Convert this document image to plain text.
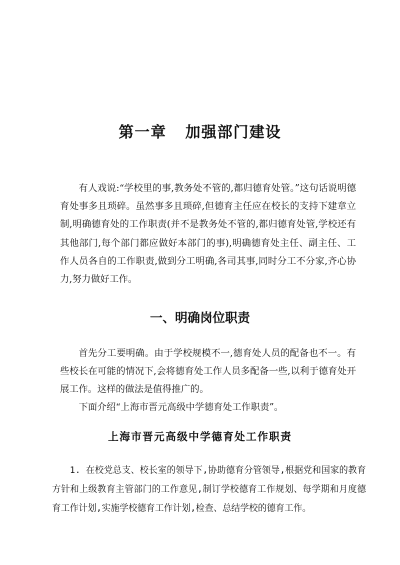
第一章   加强部门建设

有人戏说:“学校里的事,教务处不管的,都归德育处管。”这句话说明德育处事多且琐碎。虽然事多且琐碎,但德育主任应在校长的支持下建章立制,明确德育处的工作职责(并不是教务处不管的,都归德育处管,学校还有其他部门,每个部门都应做好本部门的事),明确德育处主任、副主任、工作人员各自的工作职责,做到分工明确,各司其事,同时分工不分家,齐心协力,努力做好工作。

一、明确岗位职责

首先分工要明确。由于学校规模不一,德育处人员的配备也不一。有些校长在可能的情况下,会将德育处工作人员多配备一些,以利于德育处开展工作。这样的做法是值得推广的。

下面介绍“上海市晋元高级中学德育处工作职责”。

上海市晋元高级中学德育处工作职责

1. 在校党总支、校长室的领导下,协助德育分管领导,根据党和国家的教育方针和上级教育主管部门的工作意见,制订学校德育工作规划、每学期和月度德育工作计划,实施学校德育工作计划,检查、总结学校的德育工作。
